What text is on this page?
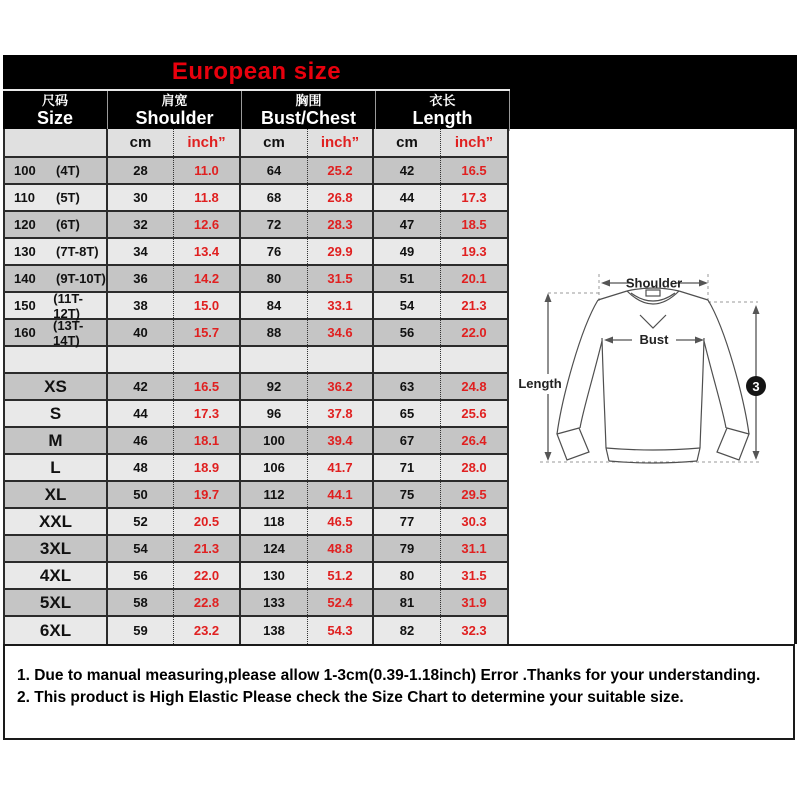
European size
尺码
Size
肩宽
Shoulder
胸围
Bust/Chest
衣长
Length
cm	inch”	cm	inch”	cm	inch”
100	(4T)	28	11.0	64	25.2	42	16.5
110	(5T)	30	11.8	68	26.8	44	17.3
120	(6T)	32	12.6	72	28.3	47	18.5
130	(7T-8T)	34	13.4	76	29.9	49	19.3
140	(9T-10T)	36	14.2	80	31.5	51	20.1
150	(11T-12T)	38	15.0	84	33.1	54	21.3
160	(13T-14T)	40	15.7	88	34.6	56	22.0
XS	42	16.5	92	36.2	63	24.8
S	44	17.3	96	37.8	65	25.6
M	46	18.1	100	39.4	67	26.4
L	48	18.9	106	41.7	71	28.0
XL	50	19.7	112	44.1	75	29.5
XXL	52	20.5	118	46.5	77	30.3
3XL	54	21.3	124	48.8	79	31.1
4XL	56	22.0	130	51.2	80	31.5
5XL	58	22.8	133	52.4	81	31.9
6XL	59	23.2	138	54.3	82	32.3
Shoulder
Bust
Length	3
1. Due to manual measuring,please allow 1-3cm(0.39-1.18inch) Error .Thanks for your understanding.
2. This product is High Elastic Please check the Size Chart to determine your suitable size.
